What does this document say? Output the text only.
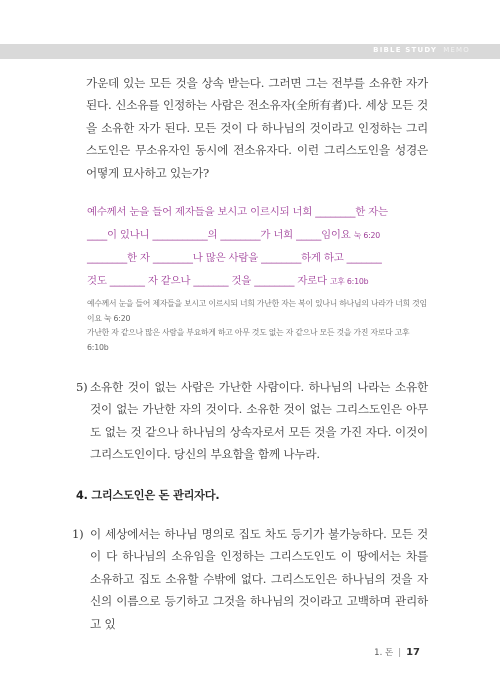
BIBLE STUDY MEMO

가운데 있는 모든 것을 상속 받는다. 그러면 그는 전부를 소유한 자가 된다. 신소유를 인정하는 사람은 전소유자(全所有者)다. 세상 모든 것을 소유한 자가 된다. 모든 것이 다 하나님의 것이라고 인정하는 그리스도인은 무소유자인 동시에 전소유자다. 이런 그리스도인을 성경은 어떻게 묘사하고 있는가?

예수께서 눈을 들어 제자들을 보시고 이르시되 너희 ________한 자는
____이 있나니 ___________의 ________가 너희 _____임이요 눅 6:20
________한 자 ________나 많은 사람을 ________하게 하고 _______
것도 _______ 자 같으나 _______ 것을 ________ 자로다 고후 6:10b

예수께서 눈을 들어 제자들을 보시고 이르시되 너희 가난한 자는 복이 있나니 하나님의 나라가 너희 것임이요 눅 6:20

가난한 자 같으나 많은 사람을 부요하게 하고 아무 것도 없는 자 같으나 모든 것을 가진 자로다 고후 6:10b

5) 소유한 것이 없는 사람은 가난한 사람이다. 하나님의 나라는 소유한 것이 없는 가난한 자의 것이다. 소유한 것이 없는 그리스도인은 아무도 없는 것 같으나 하나님의 상속자로서 모든 것을 가진 자다. 이것이 그리스도인이다. 당신의 부요함을 함께 나누라.
4. 그리스도인은 돈 관리자다.
1) 이 세상에서는 하나님 명의로 집도 차도 등기가 불가능하다. 모든 것이 다 하나님의 소유임을 인정하는 그리스도인도 이 땅에서는 차를 소유하고 집도 소유할 수밖에 없다. 그리스도인은 하나님의 것을 자신의 이름으로 등기하고 그것을 하나님의 것이라고 고백하며 관리하고 있
1. 돈 | 17
